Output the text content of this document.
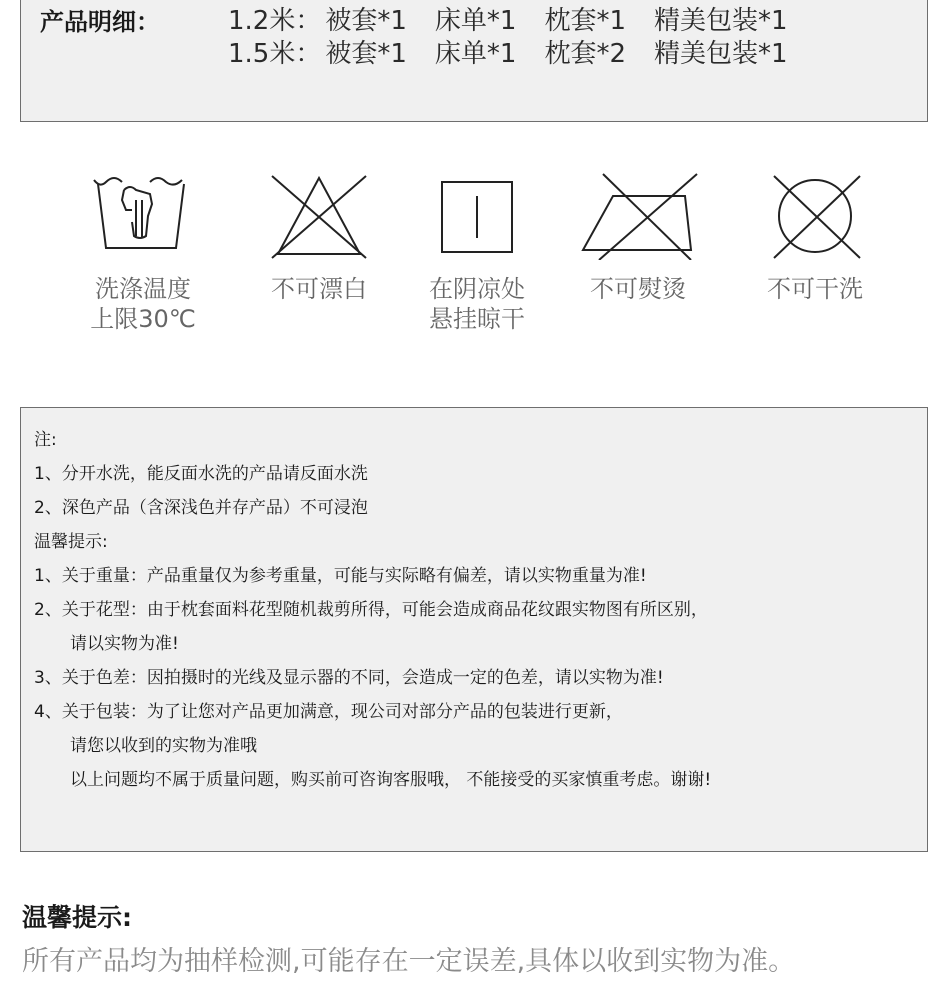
产品明细：	1.2米： 被套*1 床单*1 枕套*1 精美包装*1
1.5米： 被套*1 床单*1 枕套*2 精美包装*1
洗涤温度
上限30℃
不可漂白	在阴凉处
悬挂晾干
不可熨烫	不可干洗
注:
1、分开水洗，能反面水洗的产品请反面水洗
2、深色产品（含深浅色并存产品）不可浸泡
温馨提示:
1、关于重量：产品重量仅为参考重量，可能与实际略有偏差，请以实物重量为准!
2、关于花型：由于枕套面料花型随机裁剪所得，可能会造成商品花纹跟实物图有所区别，
请以实物为准!
3、关于色差：因拍摄时的光线及显示器的不同，会造成一定的色差，请以实物为准!
4、关于包装：为了让您对产品更加满意，现公司对部分产品的包装进行更新，
请您以收到的实物为准哦
以上问题均不属于质量问题，购买前可咨询客服哦， 不能接受的买家慎重考虑。谢谢!
温馨提示:
所有产品均为抽样检测,可能存在一定误差,具体以收到实物为准。
